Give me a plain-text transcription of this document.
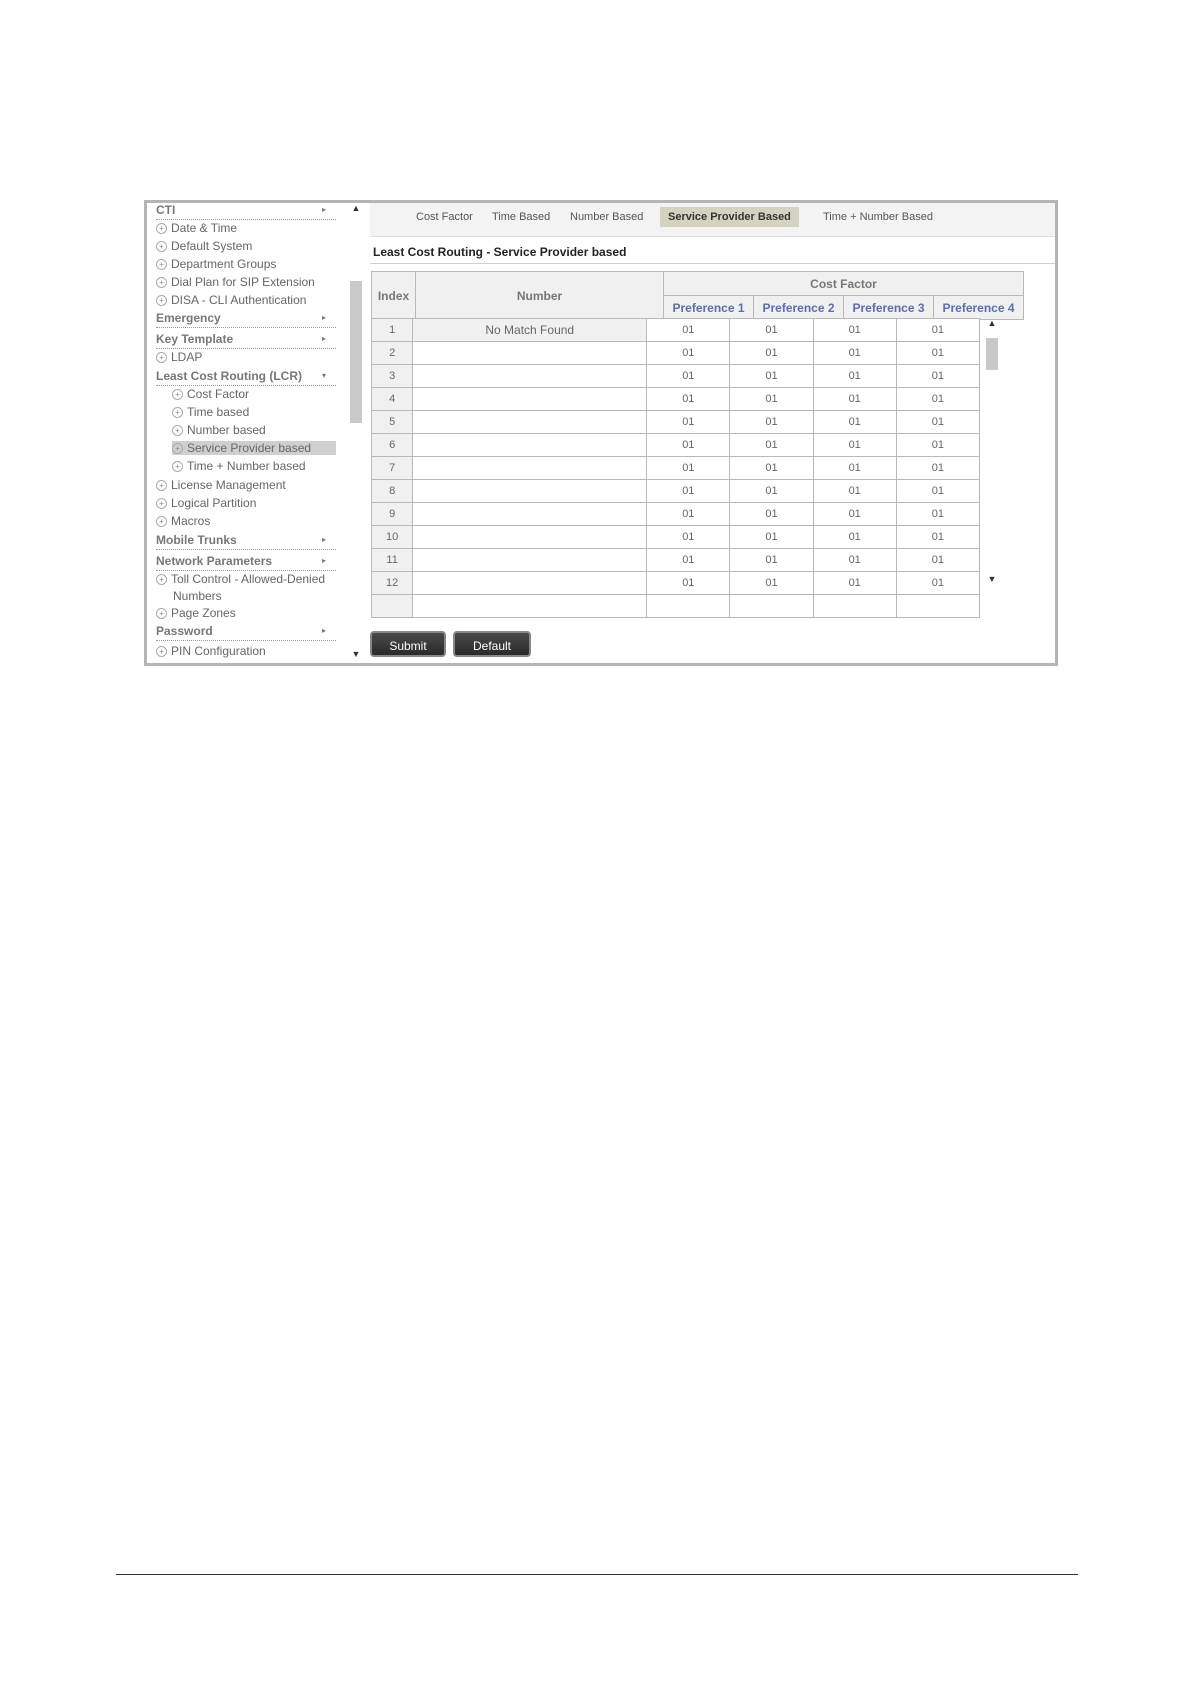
CTI	▸
+ Date & Time
+ Default System
+ Department Groups
+ Dial Plan for SIP Extension
+ DISA - CLI Authentication
Emergency	▸
Key Template	▸
+ LDAP
Least Cost Routing (LCR) ▾
+ Cost Factor
+ Time based
+ Number based
+ Service Provider based
+ Time + Number based
+ License Management
+ Logical Partition
+ Macros
Mobile Trunks	▸
Network Parameters	▸
+ Toll Control - Allowed-Denied
Numbers
+ Page Zones
Password	▸
+ PIN Configuration
▲
▼
Cost Factor	Time Based	Number Based	Service Provider Based	Time + Number Based
Least Cost Routing - Service Provider based
Index	Number	Cost Factor			
		Preference 1	Preference 2	Preference 3	Preference 4
1	No Match Found	01	01	01	01
2		01	01	01	01
3		01	01	01	01
4		01	01	01	01
5		01	01	01	01
6		01	01	01	01
7		01	01	01	01
8		01	01	01	01
9		01	01	01	01
10		01	01	01	01
11		01	01	01	01
12		01	01	01	01

▲
▼
Submit	Default
